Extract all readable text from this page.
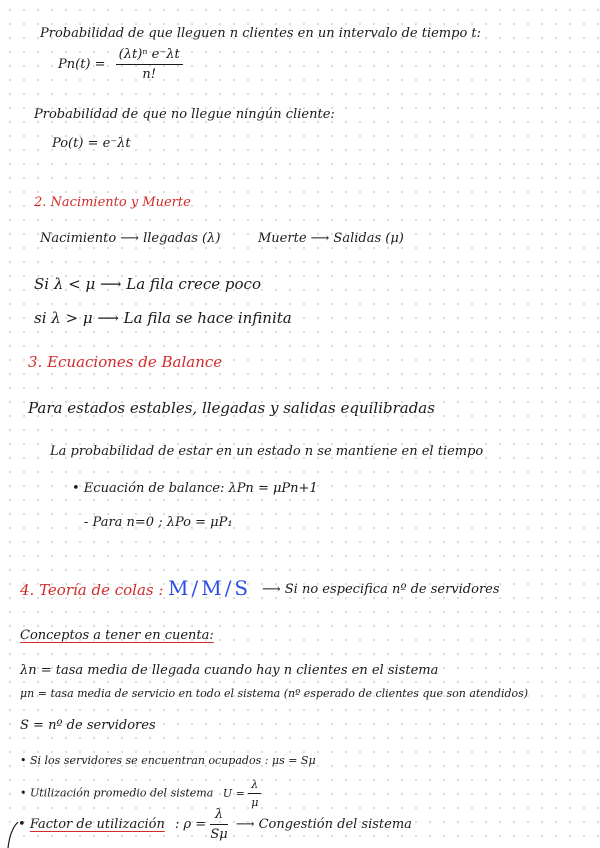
Probabilidad de que lleguen n clientes en un intervalo de tiempo t:
$Pn(t) = \frac{\text{(λt)ⁿ e⁻λt}}{n!}$
Probabilidad de que no llegue ningún cliente:
Po(t) = e⁻λt
2. Nacimiento y Muerte
Nacimiento ⟶ llegadas (λ)	Muerte ⟶ Salidas (μ)
Si λ < μ ⟶ La fila crece poco
si λ > μ ⟶ La fila se hace infinita
3. Ecuaciones de Balance
Para estados estables, llegadas y salidas equilibradas
La probabilidad de estar en un estado n se mantiene en el tiempo
• Ecuación de balance: λPn = μPn+1
- Para n=0 ; λPo = μP₁
4. Teoría de colas : M/M/S ⟶ Si no especifica nº de servidores
Conceptos a tener en cuenta:
λn = tasa media de llegada cuando hay n clientes en el sistema
μn = tasa media de servicio en todo el sistema (nº esperado de clientes que son atendidos)
S = nº de servidores
• Si los servidores se encuentran ocupados : μs = Sμ
• Utilización promedio del sistema $U = \frac{\lambda}{\mu}$
• Factor de utilización : $\rho = \frac{\lambda}{S\mu}$ ⟶ Congestión del sistema
